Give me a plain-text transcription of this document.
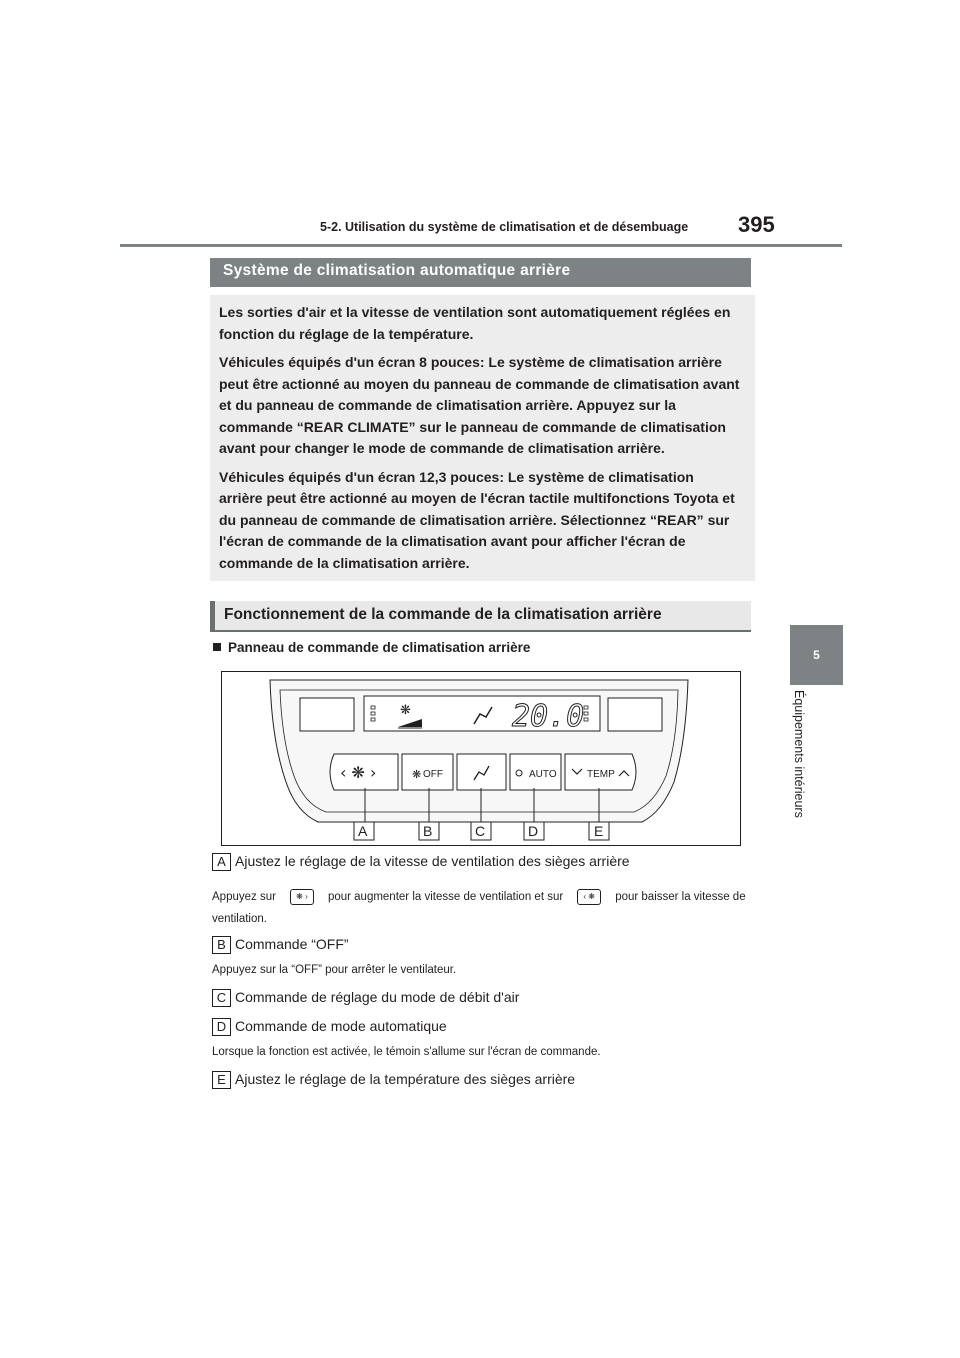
5-2. Utilisation du système de climatisation et de désembuage 395
5
Équipements intérieurs
Système de climatisation automatique arrière

Les sorties d'air et la vitesse de ventilation sont automatiquement réglées en fonction du réglage de la température.

Véhicules équipés d'un écran 8 pouces: Le système de climatisation arrière peut être actionné au moyen du panneau de commande de climatisation avant et du panneau de commande de climatisation arrière. Appuyez sur la commande “REAR CLIMATE” sur le panneau de commande de climatisation avant pour changer le mode de commande de climatisation arrière.

Véhicules équipés d'un écran 12,3 pouces: Le système de climatisation arrière peut être actionné au moyen de l'écran tactile multifonctions Toyota et du panneau de commande de climatisation arrière. Sélectionnez “REAR” sur l'écran de commande de la climatisation avant pour afficher l'écran de commande de la climatisation arrière.

Fonctionnement de la commande de la climatisation arrière
Panneau de commande de climatisation arrière
❋	20.0
‹ ❋ ›	❋ OFF	AUTO	TEMP
A	B	C	D	E
A Ajustez le réglage de la vitesse de ventilation des sièges arrière
Appuyez sur	❋ › pour augmenter la vitesse de ventilation et sur	‹ ❋ pour baisser la vitesse de ventilation.
B Commande “OFF”
Appuyez sur la “OFF” pour arrêter le ventilateur.
C Commande de réglage du mode de débit d'air
D Commande de mode automatique
Lorsque la fonction est activée, le témoin s'allume sur l'écran de commande.
E Ajustez le réglage de la température des sièges arrière
